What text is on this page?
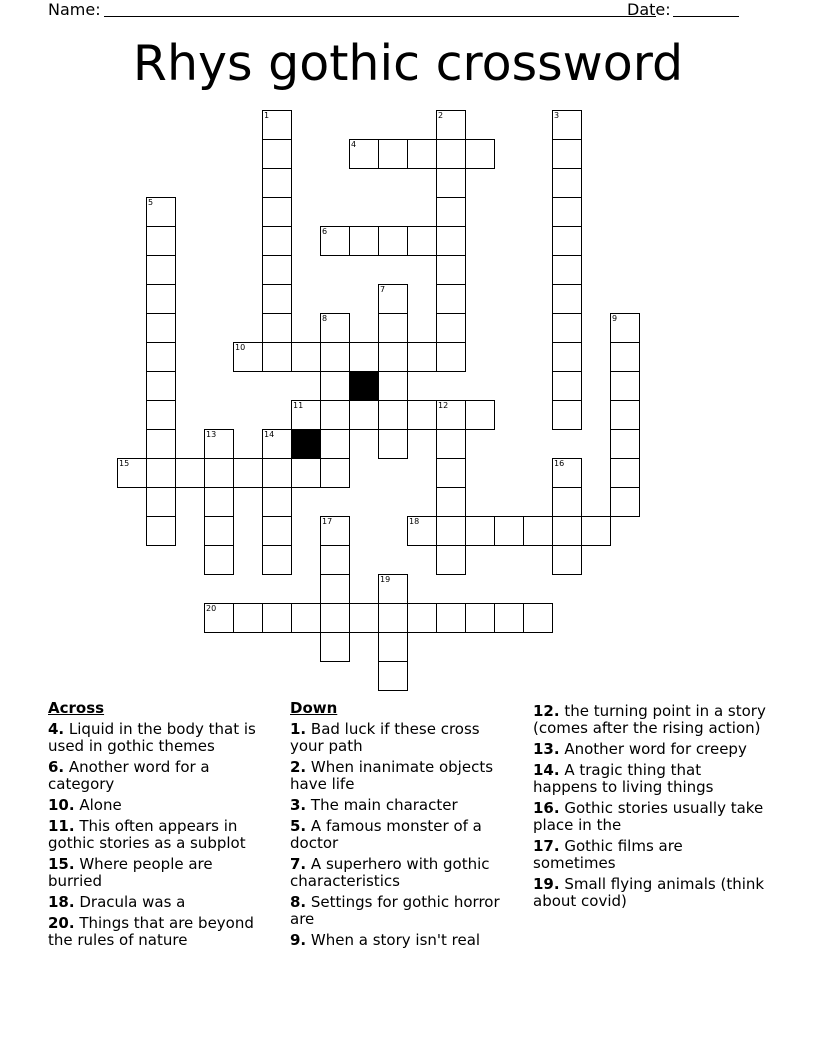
Name:	Date:
Rhys gothic crossword
1	2	3
4
5
6
7
8	9
10
11	12
13	14
15	16
17	18
19
20
Across
4. Liquid in the body that is used in gothic themes
6. Another word for a category
10. Alone
11. This often appears in gothic stories as a subplot
15. Where people are burried
18. Dracula was a
20. Things that are beyond the rules of nature
Down
1. Bad luck if these cross your path
2. When inanimate objects have life
3. The main character
5. A famous monster of a doctor
7. A superhero with gothic characteristics
8. Settings for gothic horror are
9. When a story isn't real
12. the turning point in a story (comes after the rising action)
13. Another word for creepy
14. A tragic thing that happens to living things
16. Gothic stories usually take place in the
17. Gothic films are sometimes
19. Small flying animals (think about covid)
